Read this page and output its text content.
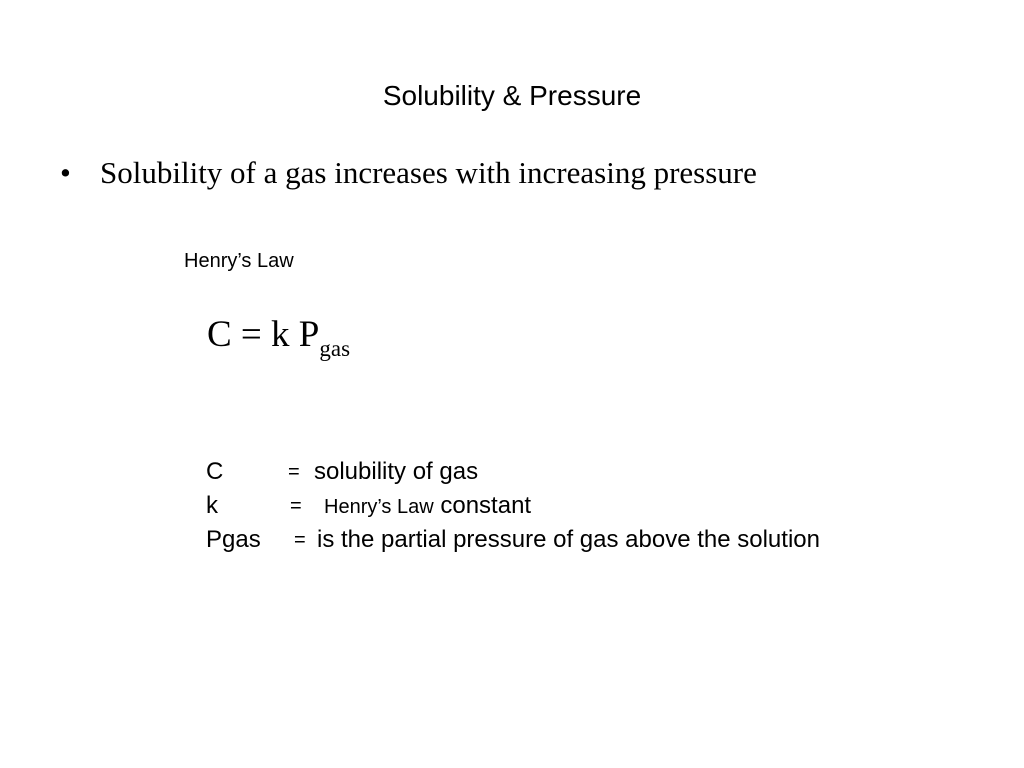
Solubility & Pressure
• Solubility of a gas increases with increasing pressure
Henry’s Law
C = k $P_{gas}$
C	= solubility of gas
k	= Henry’s Law constant
Pgas = is the partial pressure of gas above the solution
